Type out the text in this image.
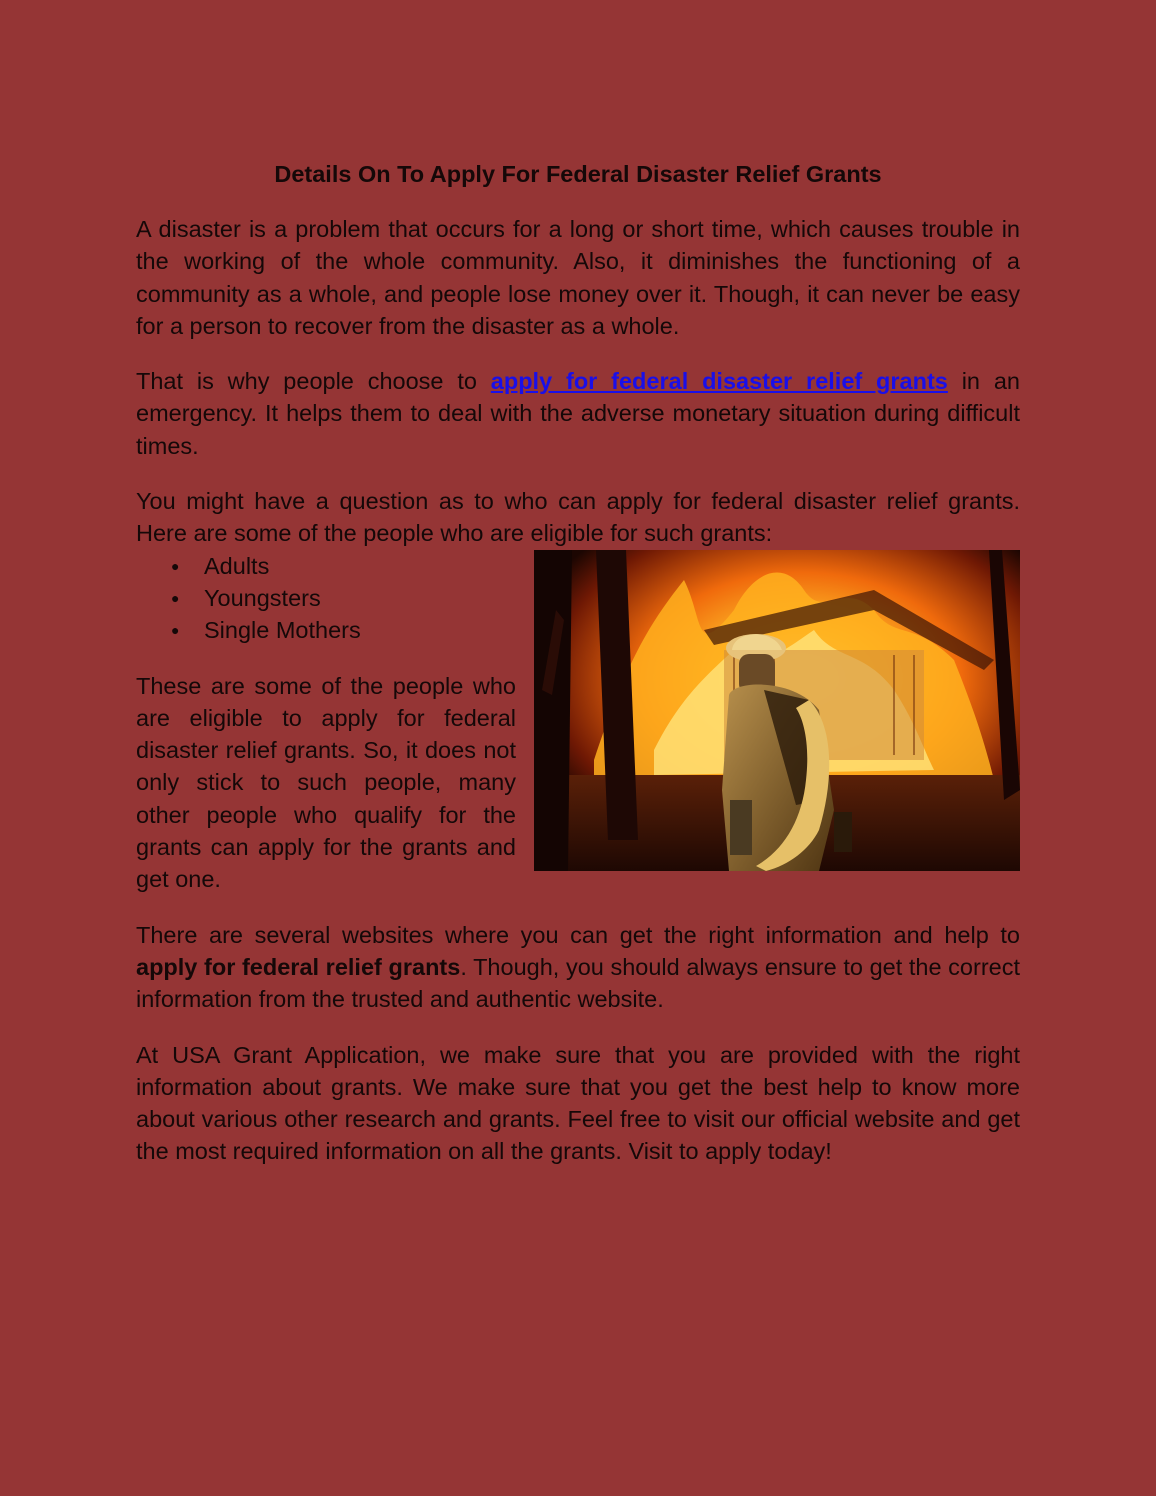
Details On To Apply For Federal Disaster Relief Grants

A disaster is a problem that occurs for a long or short time, which causes trouble in the working of the whole community. Also, it diminishes the functioning of a community as a whole, and people lose money over it. Though, it can never be easy for a person to recover from the disaster as a whole.

That is why people choose to apply for federal disaster relief grants in an emergency. It helps them to deal with the adverse monetary situation during difficult times.

You might have a question as to who can apply for federal disaster relief grants. Here are some of the people who are eligible for such grants:

● Adults
● Youngsters
● Single Mothers

These are some of the people who are eligible to apply for federal disaster relief grants. So, it does not only stick to such people, many other people who qualify for the grants can apply for the grants and get one.

There are several websites where you can get the right information and help to apply for federal relief grants. Though, you should always ensure to get the correct information from the trusted and authentic website.

At USA Grant Application, we make sure that you are provided with the right information about grants. We make sure that you get the best help to know more about various other research and grants. Feel free to visit our official website and get the most required information on all the grants. Visit to apply today!
